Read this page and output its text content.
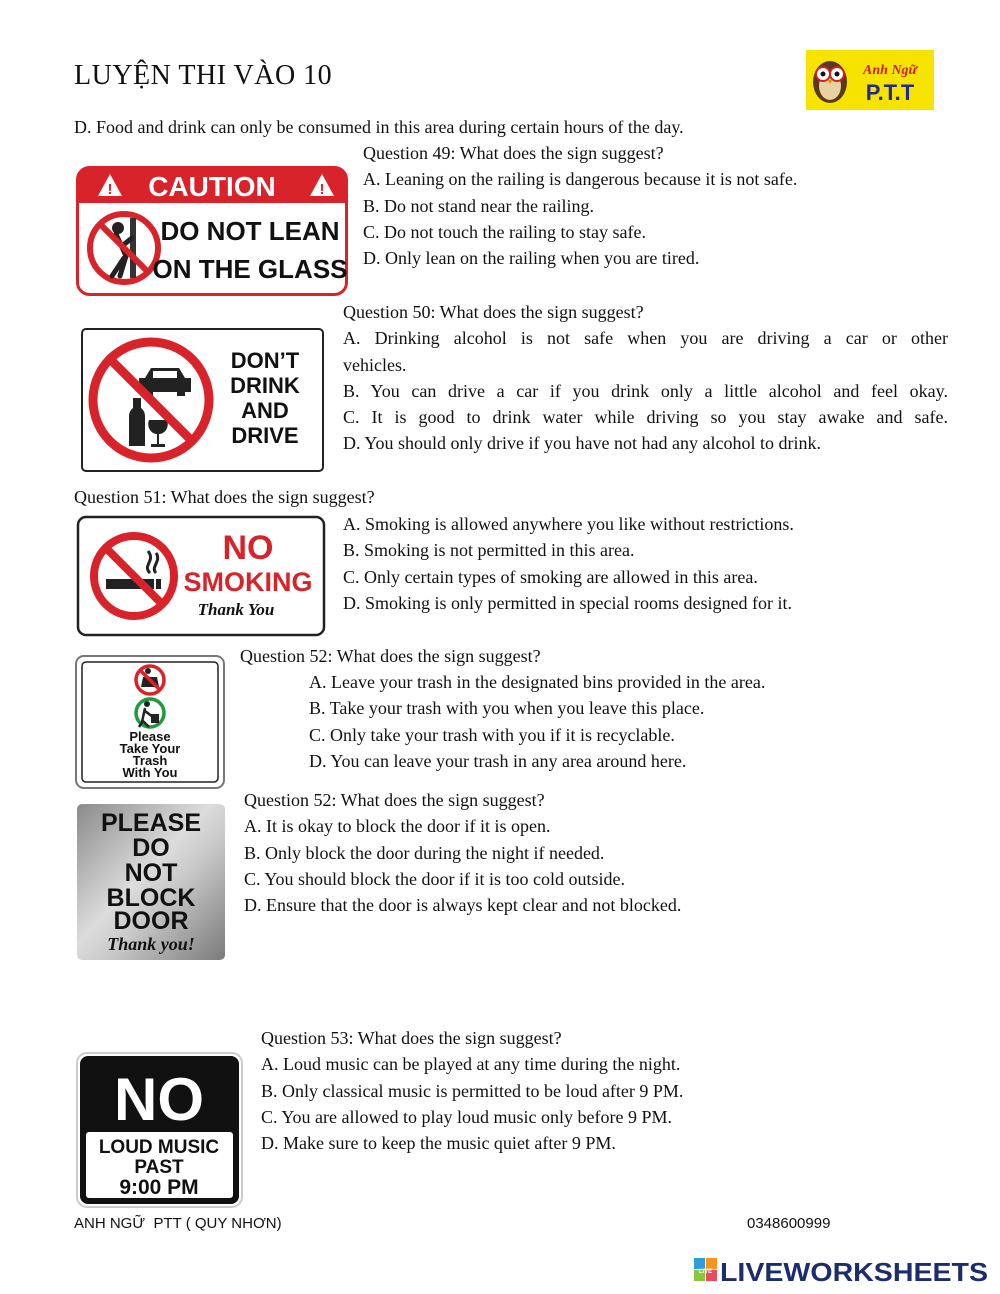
LUYỆN THI VÀO 10	Anh Ngữ
P.T.T
D. Food and drink can only be consumed in this area during certain hours of the day.
!	!
CAUTION
DO NOT LEAN
ON THE GLASS
Question 49: What does the sign suggest?
A. Leaning on the railing is dangerous because it is not safe.
B. Do not stand near the railing.
C. Do not touch the railing to stay safe.
D. Only lean on the railing when you are tired.
DON’T
DRINK
AND
DRIVE
Question 50: What does the sign suggest?
A. Drinking alcohol is not safe when you are driving a car or other
vehicles.
B. You can drive a car if you drink only a little alcohol and feel okay.
C. It is good to drink water while driving so you stay awake and safe.
D. You should only drive if you have not had any alcohol to drink.
Question 51: What does the sign suggest?
NO
SMOKING
Thank You
A. Smoking is allowed anywhere you like without restrictions.
B. Smoking is not permitted in this area.
C. Only certain types of smoking are allowed in this area.
D. Smoking is only permitted in special rooms designed for it.
Please
Take Your
Trash
With You
Question 52: What does the sign suggest?
A. Leave your trash in the designated bins provided in the area.
B. Take your trash with you when you leave this place.
C. Only take your trash with you if it is recyclable.
D. You can leave your trash in any area around here.
PLEASE
DO
NOT
BLOCK
DOOR
Thank you!
Question 52: What does the sign suggest?
A. It is okay to block the door if it is open.
B. Only block the door during the night if needed.
C. You should block the door if it is too cold outside.
D. Ensure that the door is always kept clear and not blocked.
Question 53: What does the sign suggest?
A. Loud music can be played at any time during the night.
B. Only classical music is permitted to be loud after 9 PM.
C. You are allowed to play loud music only before 9 PM.
D. Make sure to keep the music quiet after 9 PM.
NO
LOUD MUSIC
PAST
9:00 PM
ANH NGỮ  PTT ( QUY NHƠN)	0348600999
LIVE LIVEWORKSHEETS
